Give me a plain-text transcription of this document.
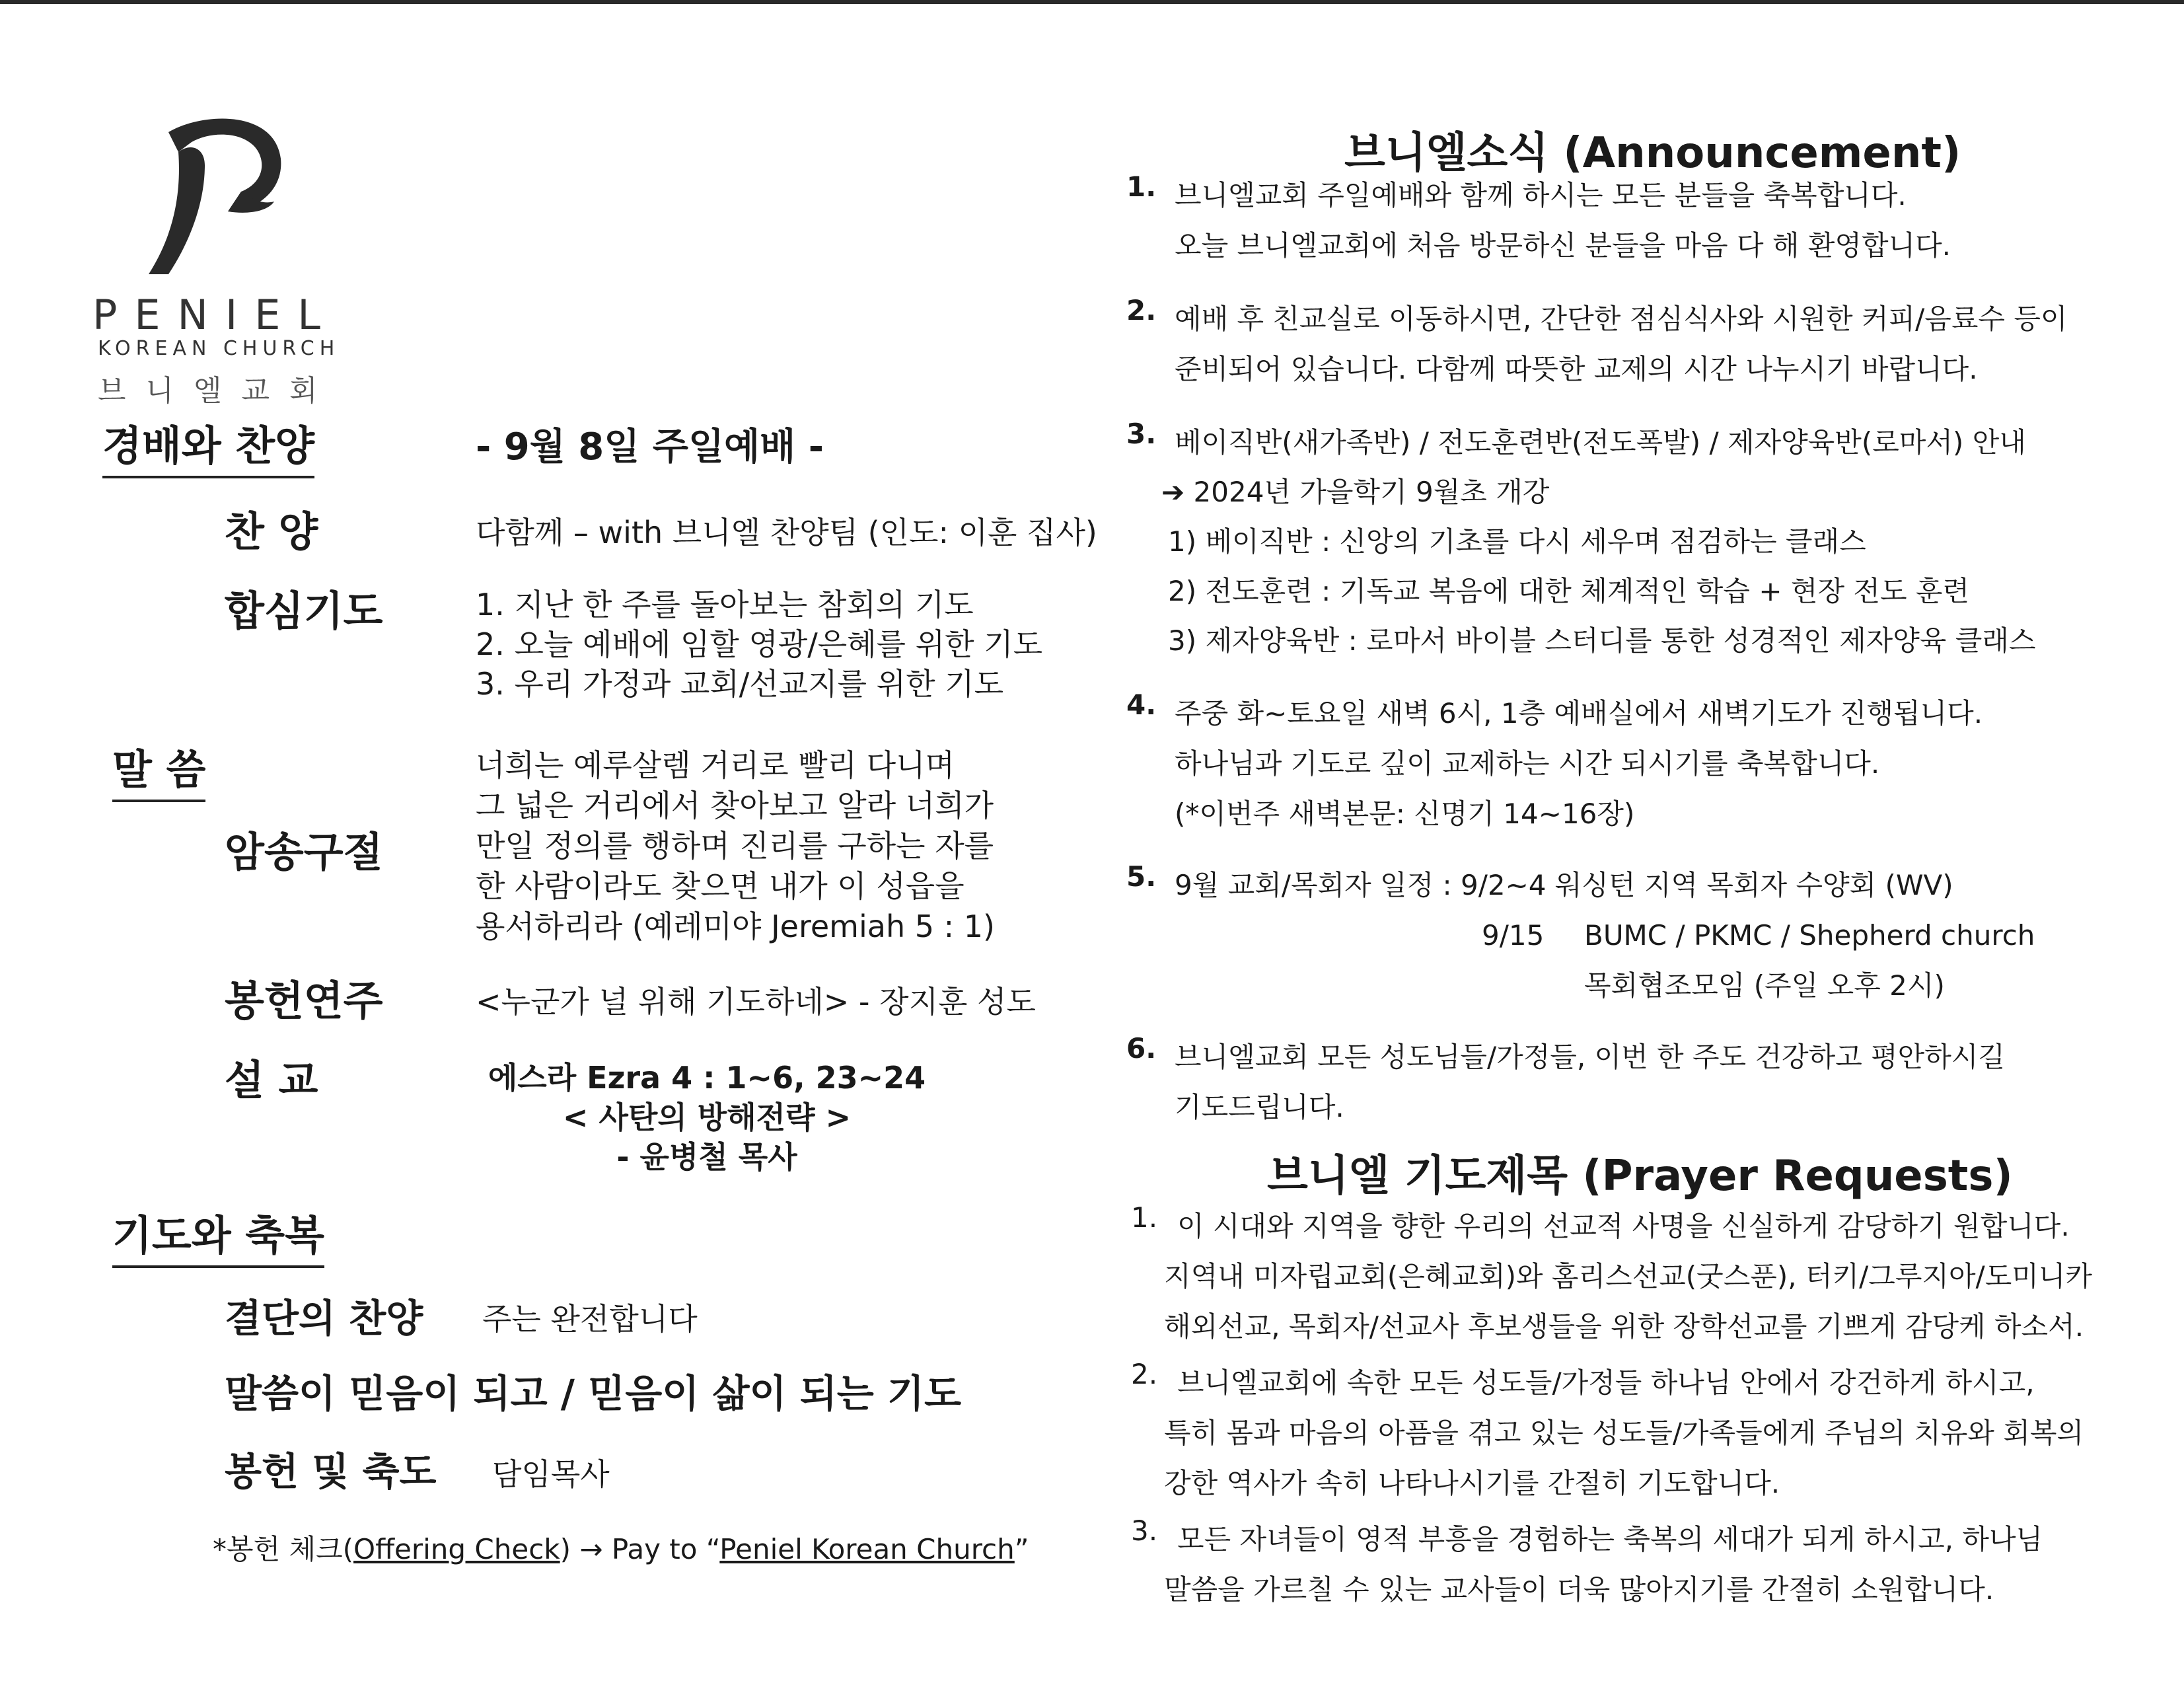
PENIEL
KOREAN CHURCH
브니엘교회
경배와 찬양	- 9월 8일 주일예배 -
찬 양	다함께 – with 브니엘 찬양팀 (인도: 이훈 집사)
합심기도	1. 지난 한 주를 돌아보는 참회의 기도
2. 오늘 예배에 임할 영광/은혜를 위한 기도
3. 우리 가정과 교회/선교지를 위한 기도
말 씀
암송구절
너희는 예루살렘 거리로 빨리 다니며
그 넓은 거리에서 찾아보고 알라 너희가
만일 정의를 행하며 진리를 구하는 자를
한 사람이라도 찾으면 내가 이 성읍을
용서하리라 (예레미야 Jeremiah 5 : 1)
봉헌연주	<누군가 널 위해 기도하네> - 장지훈 성도
설 교	에스라 Ezra 4 : 1~6, 23~24
< 사탄의 방해전략 >
- 윤병철 목사
기도와 축복
결단의 찬양 주는 완전합니다
말씀이 믿음이 되고 / 믿음이 삶이 되는 기도
봉헌 및 축도 담임목사
*봉헌 체크(Offering Check) → Pay to “Peniel Korean Church”
브니엘소식 (Announcement)
1. 브니엘교회 주일예배와 함께 하시는 모든 분들을 축복합니다.
오늘 브니엘교회에 처음 방문하신 분들을 마음 다 해 환영합니다.
2. 예배 후 친교실로 이동하시면, 간단한 점심식사와 시원한 커피/음료수 등이
준비되어 있습니다. 다함께 따뜻한 교제의 시간 나누시기 바랍니다.
3. 베이직반(새가족반) / 전도훈련반(전도폭발) / 제자양육반(로마서) 안내
➔ 2024년 가을학기 9월초 개강
1) 베이직반 : 신앙의 기초를 다시 세우며 점검하는 클래스
2) 전도훈련 : 기독교 복음에 대한 체계적인 학습 + 현장 전도 훈련
3) 제자양육반 : 로마서 바이블 스터디를 통한 성경적인 제자양육 클래스
4. 주중 화~토요일 새벽 6시, 1층 예배실에서 새벽기도가 진행됩니다.
하나님과 기도로 깊이 교제하는 시간 되시기를 축복합니다.
(*이번주 새벽본문: 신명기 14~16장)
5. 9월 교회/목회자 일정 : 9/2~4 워싱턴 지역 목회자 수양회 (WV)
9/15 BUMC / PKMC / Shepherd church
목회협조모임 (주일 오후 2시)
6. 브니엘교회 모든 성도님들/가정들, 이번 한 주도 건강하고 평안하시길
기도드립니다.
브니엘 기도제목 (Prayer Requests)
1. 이 시대와 지역을 향한 우리의 선교적 사명을 신실하게 감당하기 원합니다.
지역내 미자립교회(은혜교회)와 홈리스선교(굿스푼), 터키/그루지아/도미니카
해외선교, 목회자/선교사 후보생들을 위한 장학선교를 기쁘게 감당케 하소서.
2. 브니엘교회에 속한 모든 성도들/가정들 하나님 안에서 강건하게 하시고,
특히 몸과 마음의 아픔을 겪고 있는 성도들/가족들에게 주님의 치유와 회복의
강한 역사가 속히 나타나시기를 간절히 기도합니다.
3. 모든 자녀들이 영적 부흥을 경험하는 축복의 세대가 되게 하시고, 하나님
말씀을 가르칠 수 있는 교사들이 더욱 많아지기를 간절히 소원합니다.
